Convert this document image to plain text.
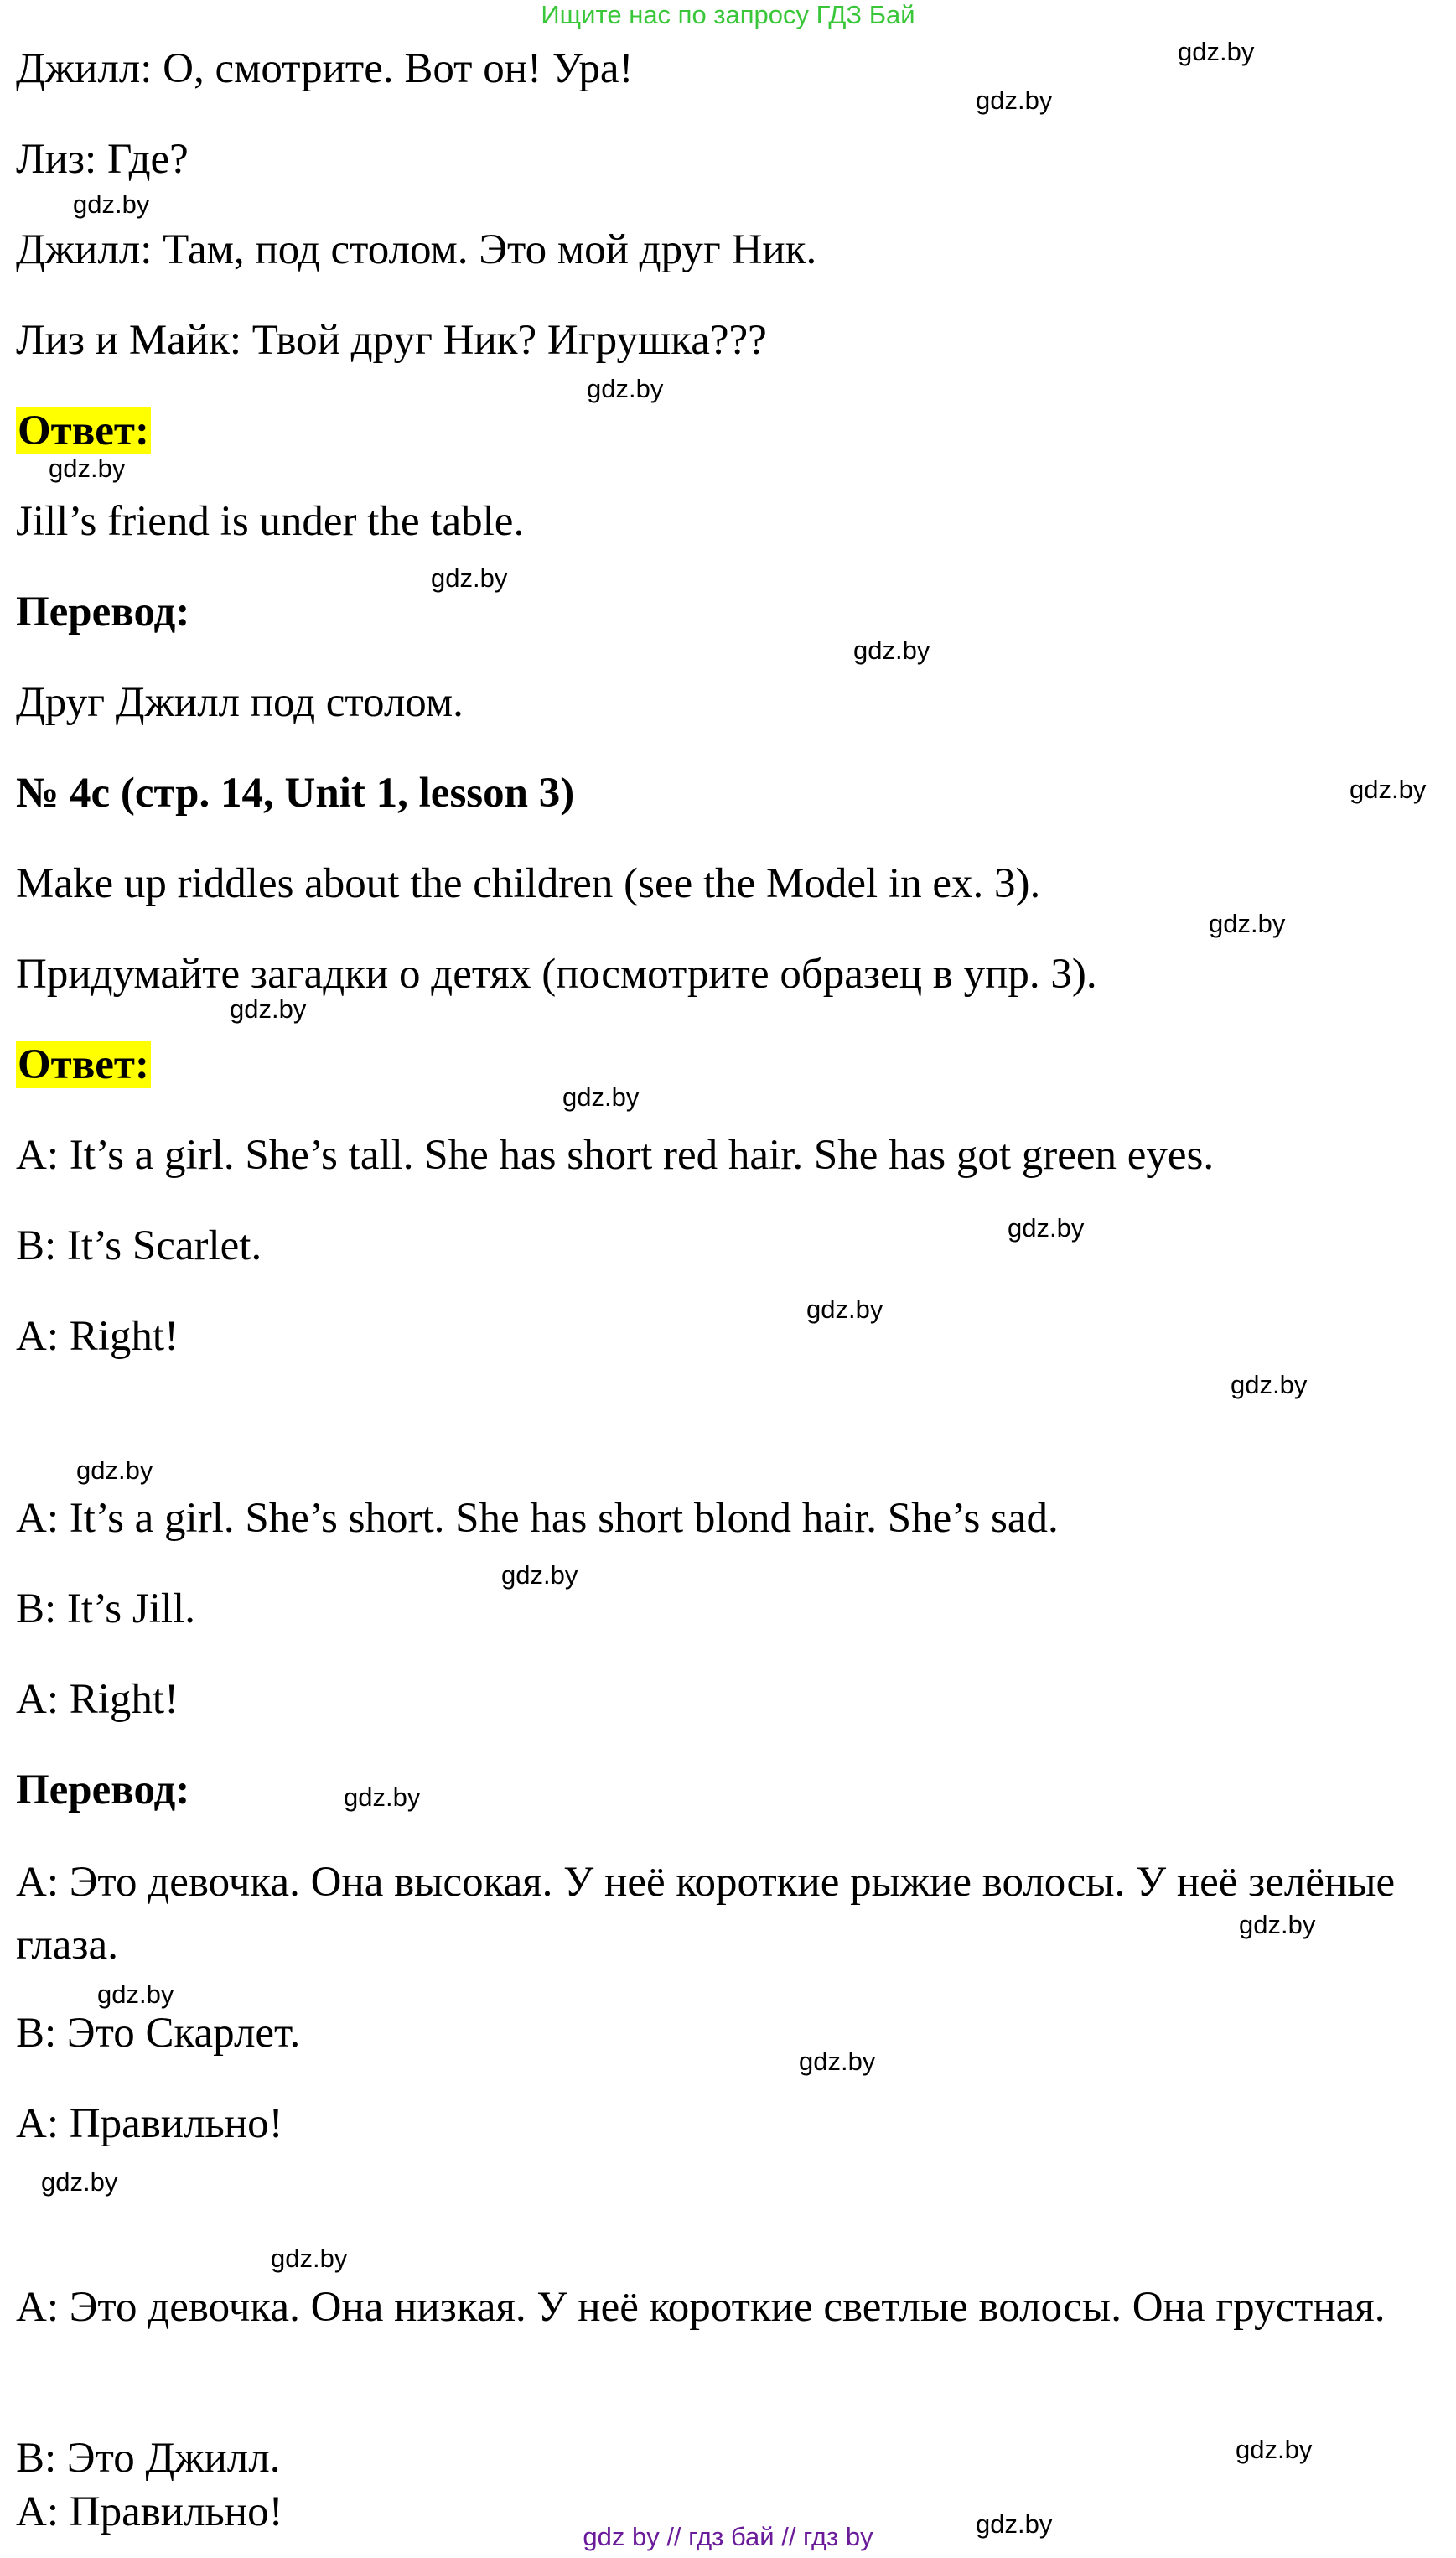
Ищите нас по запросу ГДЗ Бай
Джилл: О, смотрите. Вот он! Ура!
Лиз: Где?
Джилл: Там, под столом. Это мой друг Ник.
Лиз и Майк: Твой друг Ник? Игрушка???
Ответ:
Jill’s friend is under the table.
Перевод:
Друг Джилл под столом.
№ 4c (стр. 14, Unit 1, lesson 3)
Make up riddles about the children (see the Model in ex. 3).
Придумайте загадки о детях (посмотрите образец в упр. 3).
Ответ:
A: It’s a girl. She’s tall. She has short red hair. She has got green eyes.
B: It’s Scarlet.
A: Right!
A: It’s a girl. She’s short. She has short blond hair. She’s sad.
B: It’s Jill.
A: Right!
Перевод:
A: Это девочка. Она высокая. У неё короткие рыжие волосы. У неё зелёные глаза.
В: Это Скарлет.
А: Правильно!
А: Это девочка. Она низкая. У неё короткие светлые волосы. Она грустная.
В: Это Джилл.
А: Правильно!
gdz.by
gdz.by
gdz.by
gdz.by
gdz.by
gdz.by
gdz.by
gdz.by
gdz.by
gdz.by
gdz.by
gdz.by
gdz.by
gdz.by
gdz.by
gdz.by
gdz.by
gdz.by
gdz.by
gdz.by
gdz.by
gdz.by
gdz.by
gdz.by
gdz by // гдз бай // гдз by
